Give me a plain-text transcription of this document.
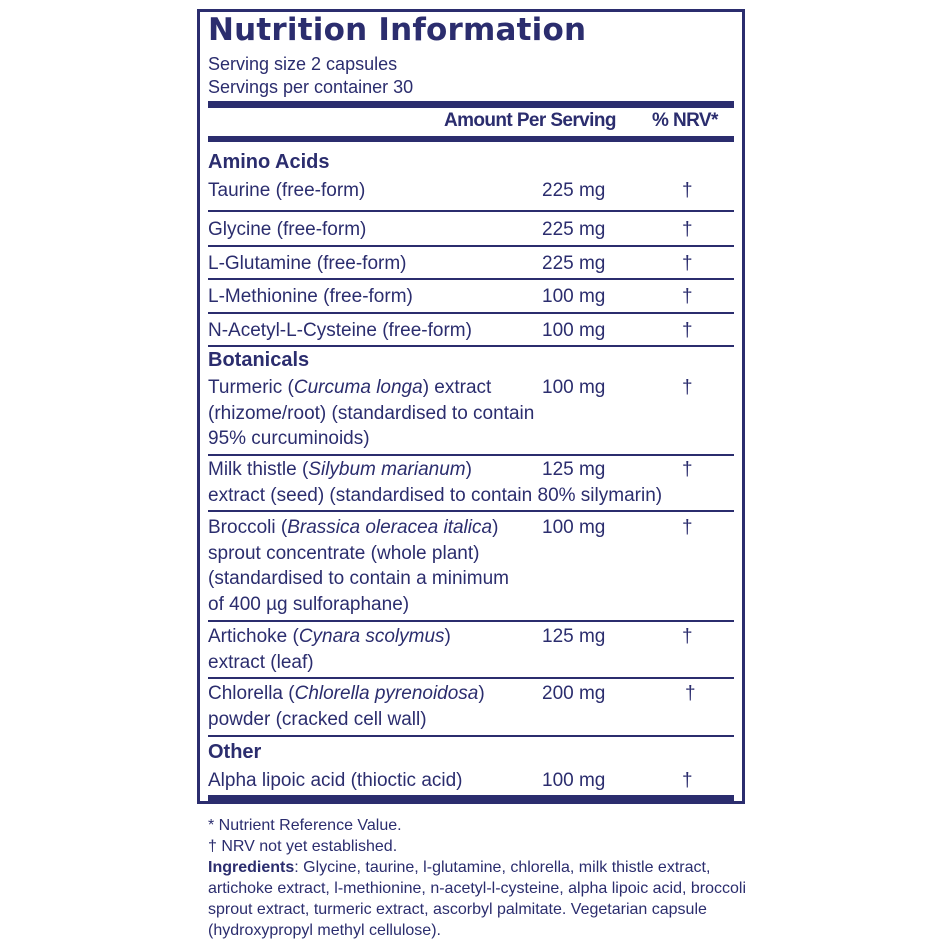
Nutrition Information
Serving size 2 capsules
Servings per container 30
Amount Per Serving % NRV*
Amino Acids
Taurine (free-form)	225 mg	†
Glycine (free-form)	225 mg	†
L-Glutamine (free-form)	225 mg	†
L-Methionine (free-form)	100 mg	†
N-Acetyl-L-Cysteine (free-form)	100 mg	†
Botanicals
Turmeric (Curcuma longa) extract
(rhizome/root) (standardised to contain
95% curcuminoids)
100 mg	†
Milk thistle (Silybum marianum)
extract (seed) (standardised to contain 80% silymarin)
125 mg	†
Broccoli (Brassica oleracea italica)
sprout concentrate (whole plant)
(standardised to contain a minimum
of 400 µg sulforaphane)
100 mg	†
Artichoke (Cynara scolymus)
extract (leaf)
125 mg	†
Chlorella (Chlorella pyrenoidosa)
powder (cracked cell wall)
200 mg	†
Other
Alpha lipoic acid (thioctic acid)	100 mg	†
* Nutrient Reference Value.
† NRV not yet established.
Ingredients: Glycine, taurine, l-glutamine, chlorella, milk thistle extract, artichoke extract, l-methionine, n-acetyl-l-cysteine, alpha lipoic acid, broccoli sprout extract, turmeric extract, ascorbyl palmitate. Vegetarian capsule (hydroxypropyl methyl cellulose).
